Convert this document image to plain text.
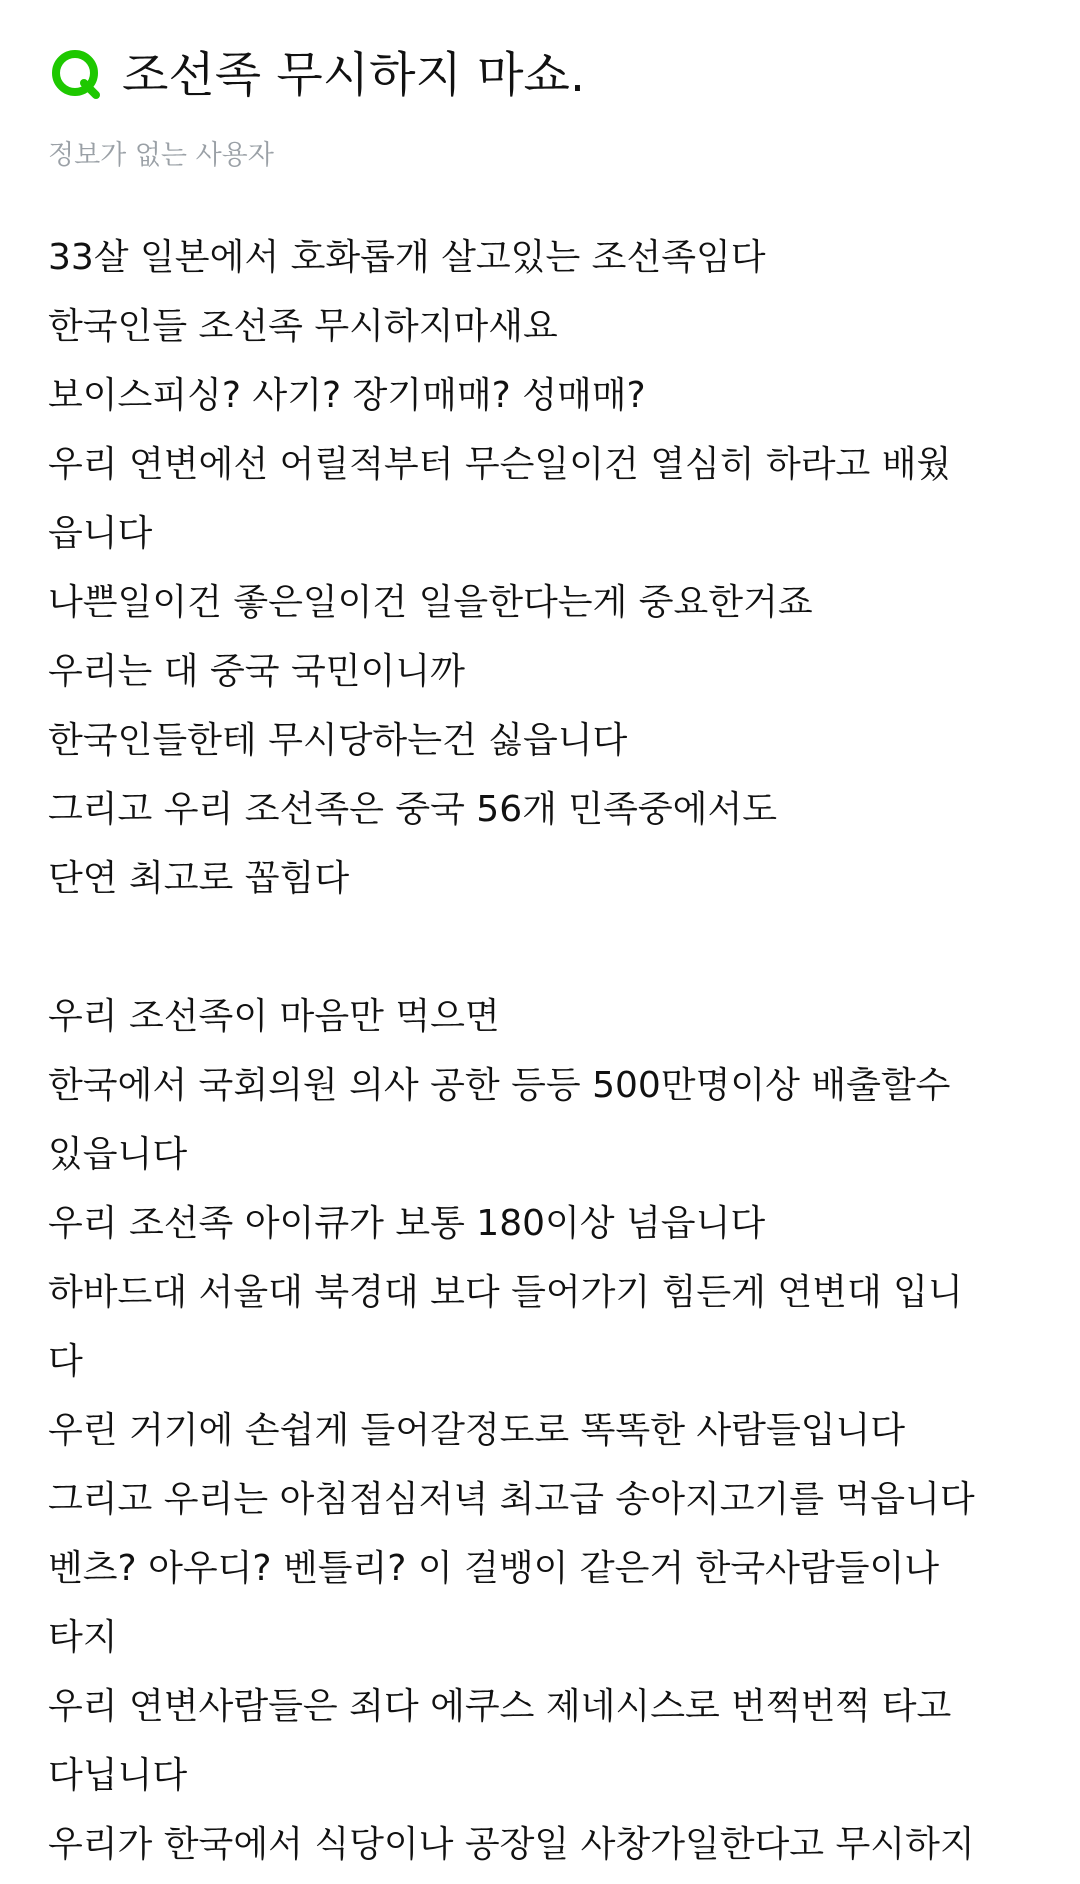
조선족 무시하지 마쇼.
정보가 없는 사용자
33살 일본에서 호화롭개 살고있는 조선족임다
한국인들 조선족 무시하지마새요
보이스피싱? 사기? 장기매매? 성매매?
우리 연변에선 어릴적부터 무슨일이건 열심히 하라고 배웠
읍니다
나쁜일이건 좋은일이건 일을한다는게 중요한거죠
우리는 대 중국 국민이니까
한국인들한테 무시당하는건 싫읍니다
그리고 우리 조선족은 중국 56개 민족중에서도
단연 최고로 꼽힘다
우리 조선족이 마음만 먹으면
한국에서 국회의원 의사 공한 등등 500만명이상 배출할수
있읍니다
우리 조선족 아이큐가 보통 180이상 넘읍니다
하바드대 서울대 북경대 보다 들어가기 힘든게 연변대 입니
다
우린 거기에 손쉽게 들어갈정도로 똑똑한 사람들입니다
그리고 우리는 아침점심저녁 최고급 송아지고기를 먹읍니다
벤츠? 아우디? 벤틀리? 이 걸뱅이 같은거 한국사람들이나
타지
우리 연변사람들은 죄다 에쿠스 제네시스로 번쩍번쩍 타고
다닙니다
우리가 한국에서 식당이나 공장일 사창가일한다고 무시하지
